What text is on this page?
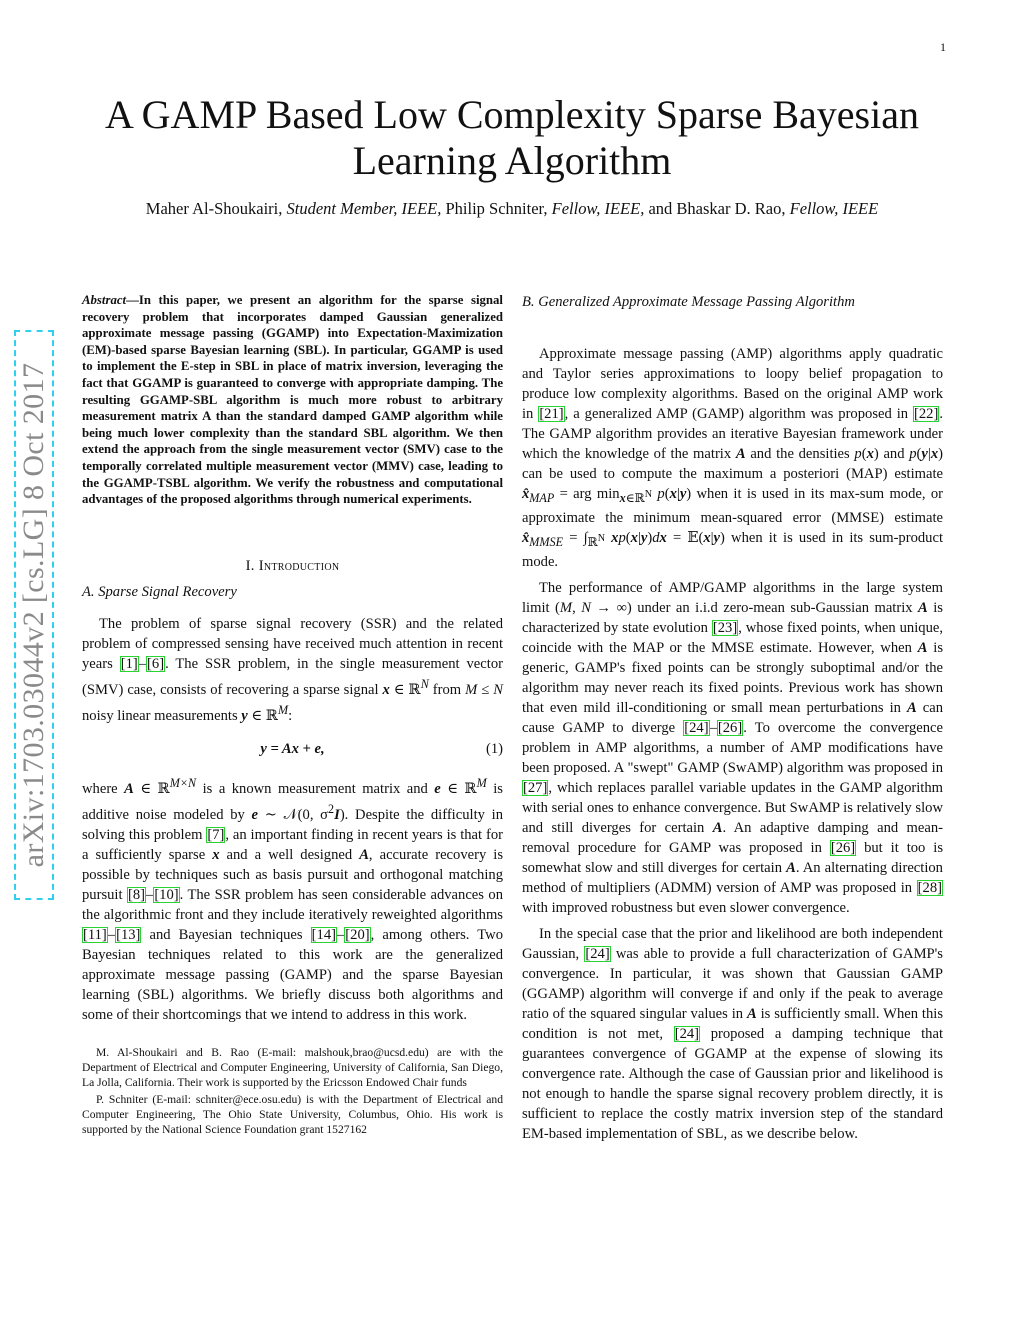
1
A GAMP Based Low Complexity Sparse Bayesian Learning Algorithm
Maher Al-Shoukairi, Student Member, IEEE, Philip Schniter, Fellow, IEEE, and Bhaskar D. Rao, Fellow, IEEE
arXiv:1703.03044v2 [cs.LG] 8 Oct 2017

Abstract—In this paper, we present an algorithm for the sparse signal recovery problem that incorporates damped Gaussian generalized approximate message passing (GGAMP) into Expectation-Maximization (EM)-based sparse Bayesian learning (SBL). In particular, GGAMP is used to implement the E-step in SBL in place of matrix inversion, leveraging the fact that GGAMP is guaranteed to converge with appropriate damping. The resulting GGAMP-SBL algorithm is much more robust to arbitrary measurement matrix A than the standard damped GAMP algorithm while being much lower complexity than the standard SBL algorithm. We then extend the approach from the single measurement vector (SMV) case to the temporally correlated multiple measurement vector (MMV) case, leading to the GGAMP-TSBL algorithm. We verify the robustness and computational advantages of the proposed algorithms through numerical experiments.

I. Introduction
A. Sparse Signal Recovery

The problem of sparse signal recovery (SSR) and the related problem of compressed sensing have received much attention in recent years [1]–[6]. The SSR problem, in the single measurement vector (SMV) case, consists of recovering a sparse signal x ∈ ℝ$^N$ from M ≤ N noisy linear measurements y ∈ ℝ$^M$:

y = Ax + e,	(1)

where A ∈ ℝ$^{M\times N}$ is a known measurement matrix and e ∈ ℝ$^M$ is additive noise modeled by e ∼ 𝒩(0, $\sigma^2I$). Despite the difficulty in solving this problem [7], an important finding in recent years is that for a sufficiently sparse x and a well designed A, accurate recovery is possible by techniques such as basis pursuit and orthogonal matching pursuit [8]–[10]. The SSR problem has seen considerable advances on the algorithmic front and they include iteratively reweighted algorithms [11]–[13] and Bayesian techniques [14]–[20], among others. Two Bayesian techniques related to this work are the generalized approximate message passing (GAMP) and the sparse Bayesian learning (SBL) algorithms. We briefly discuss both algorithms and some of their shortcomings that we intend to address in this work.

M. Al-Shoukairi and B. Rao (E-mail: malshouk,brao@ucsd.edu) are with the Department of Electrical and Computer Engineering, University of California, San Diego, La Jolla, California. Their work is supported by the Ericsson Endowed Chair funds

P. Schniter (E-mail: schniter@ece.osu.edu) is with the Department of Electrical and Computer Engineering, The Ohio State University, Columbus, Ohio. His work is supported by the National Science Foundation grant 1527162

B. Generalized Approximate Message Passing Algorithm

Approximate message passing (AMP) algorithms apply quadratic and Taylor series approximations to loopy belief propagation to produce low complexity algorithms. Based on the original AMP work in [21], a generalized AMP (GAMP) algorithm was proposed in [22]. The GAMP algorithm provides an iterative Bayesian framework under which the knowledge of the matrix A and the densities p(x) and p(y|x) can be used to compute the maximum a posteriori (MAP) estimate $x̂_{MAP}$ = arg $\min_{x\in ℝ^N} p(x|y)$ when it is used in its max-sum mode, or approximate the minimum mean-squared error (MMSE) estimate $x̂_{MMSE} = \int_{ℝ^N}$ xp(x|y)dx = 𝔼(x|y) when it is used in its sum-product mode.

The performance of AMP/GAMP algorithms in the large system limit (M, N → ∞) under an i.i.d zero-mean sub-Gaussian matrix A is characterized by state evolution [23], whose fixed points, when unique, coincide with the MAP or the MMSE estimate. However, when A is generic, GAMP's fixed points can be strongly suboptimal and/or the algorithm may never reach its fixed points. Previous work has shown that even mild ill-conditioning or small mean perturbations in A can cause GAMP to diverge [24]–[26]. To overcome the convergence problem in AMP algorithms, a number of AMP modifications have been proposed. A "swept" GAMP (SwAMP) algorithm was proposed in [27], which replaces parallel variable updates in the GAMP algorithm with serial ones to enhance convergence. But SwAMP is relatively slow and still diverges for certain A. An adaptive damping and mean-removal procedure for GAMP was proposed in [26] but it too is somewhat slow and still diverges for certain A. An alternating direction method of multipliers (ADMM) version of AMP was proposed in [28] with improved robustness but even slower convergence.

In the special case that the prior and likelihood are both independent Gaussian, [24] was able to provide a full characterization of GAMP's convergence. In particular, it was shown that Gaussian GAMP (GGAMP) algorithm will converge if and only if the peak to average ratio of the squared singular values in A is sufficiently small. When this condition is not met, [24] proposed a damping technique that guarantees convergence of GGAMP at the expense of slowing its convergence rate. Although the case of Gaussian prior and likelihood is not enough to handle the sparse signal recovery problem directly, it is sufficient to replace the costly matrix inversion step of the standard EM-based implementation of SBL, as we describe below.
